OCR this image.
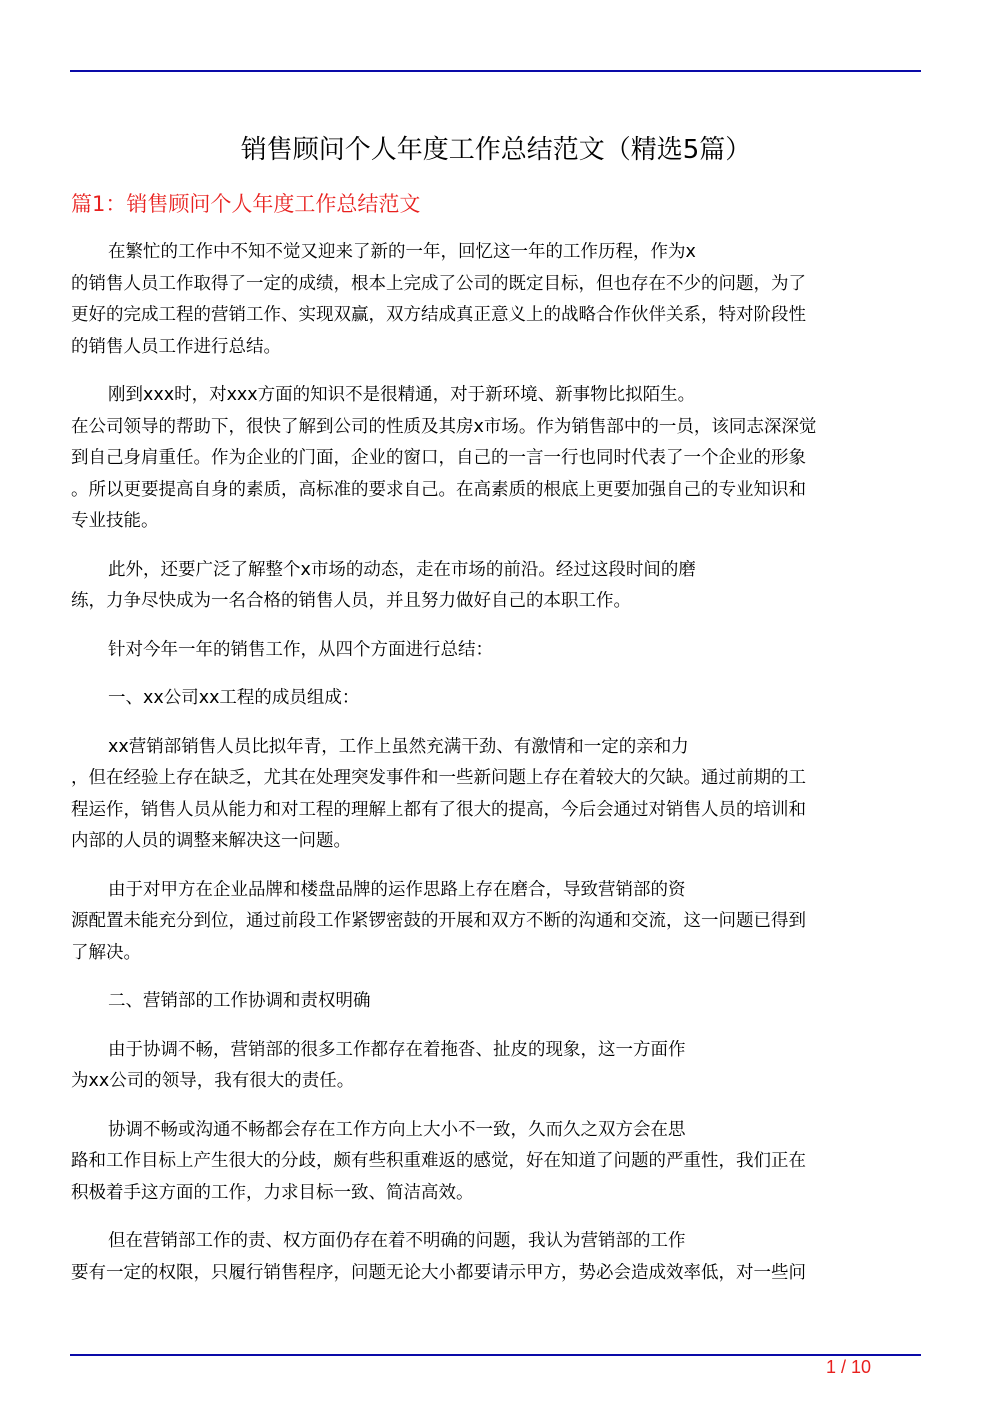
销售顾问个人年度工作总结范文（精选5篇）
篇1：销售顾问个人年度工作总结范文
在繁忙的工作中不知不觉又迎来了新的一年，回忆这一年的工作历程，作为x
的销售人员工作取得了一定的成绩，根本上完成了公司的既定目标，但也存在不少的问题，为了
更好的完成工程的营销工作、实现双赢，双方结成真正意义上的战略合作伙伴关系，特对阶段性
的销售人员工作进行总结。
刚到xxx时，对xxx方面的知识不是很精通，对于新环境、新事物比拟陌生。
在公司领导的帮助下，很快了解到公司的性质及其房x市场。作为销售部中的一员，该同志深深觉
到自己身肩重任。作为企业的门面，企业的窗口，自己的一言一行也同时代表了一个企业的形象
。所以更要提高自身的素质，高标准的要求自己。在高素质的根底上更要加强自己的专业知识和
专业技能。
此外，还要广泛了解整个x市场的动态，走在市场的前沿。经过这段时间的磨
练，力争尽快成为一名合格的销售人员，并且努力做好自己的本职工作。
针对今年一年的销售工作，从四个方面进行总结：
一、xx公司xx工程的成员组成：
xx营销部销售人员比拟年青，工作上虽然充满干劲、有激情和一定的亲和力
，但在经验上存在缺乏，尤其在处理突发事件和一些新问题上存在着较大的欠缺。通过前期的工
程运作，销售人员从能力和对工程的理解上都有了很大的提高，今后会通过对销售人员的培训和
内部的人员的调整来解决这一问题。
由于对甲方在企业品牌和楼盘品牌的运作思路上存在磨合，导致营销部的资
源配置未能充分到位，通过前段工作紧锣密鼓的开展和双方不断的沟通和交流，这一问题已得到
了解决。
二、营销部的工作协调和责权明确
由于协调不畅，营销部的很多工作都存在着拖沓、扯皮的现象，这一方面作
为xx公司的领导，我有很大的责任。
协调不畅或沟通不畅都会存在工作方向上大小不一致，久而久之双方会在思
路和工作目标上产生很大的分歧，颇有些积重难返的感觉，好在知道了问题的严重性，我们正在
积极着手这方面的工作，力求目标一致、简洁高效。
但在营销部工作的责、权方面仍存在着不明确的问题，我认为营销部的工作
要有一定的权限，只履行销售程序，问题无论大小都要请示甲方，势必会造成效率低，对一些问
1 / 10
